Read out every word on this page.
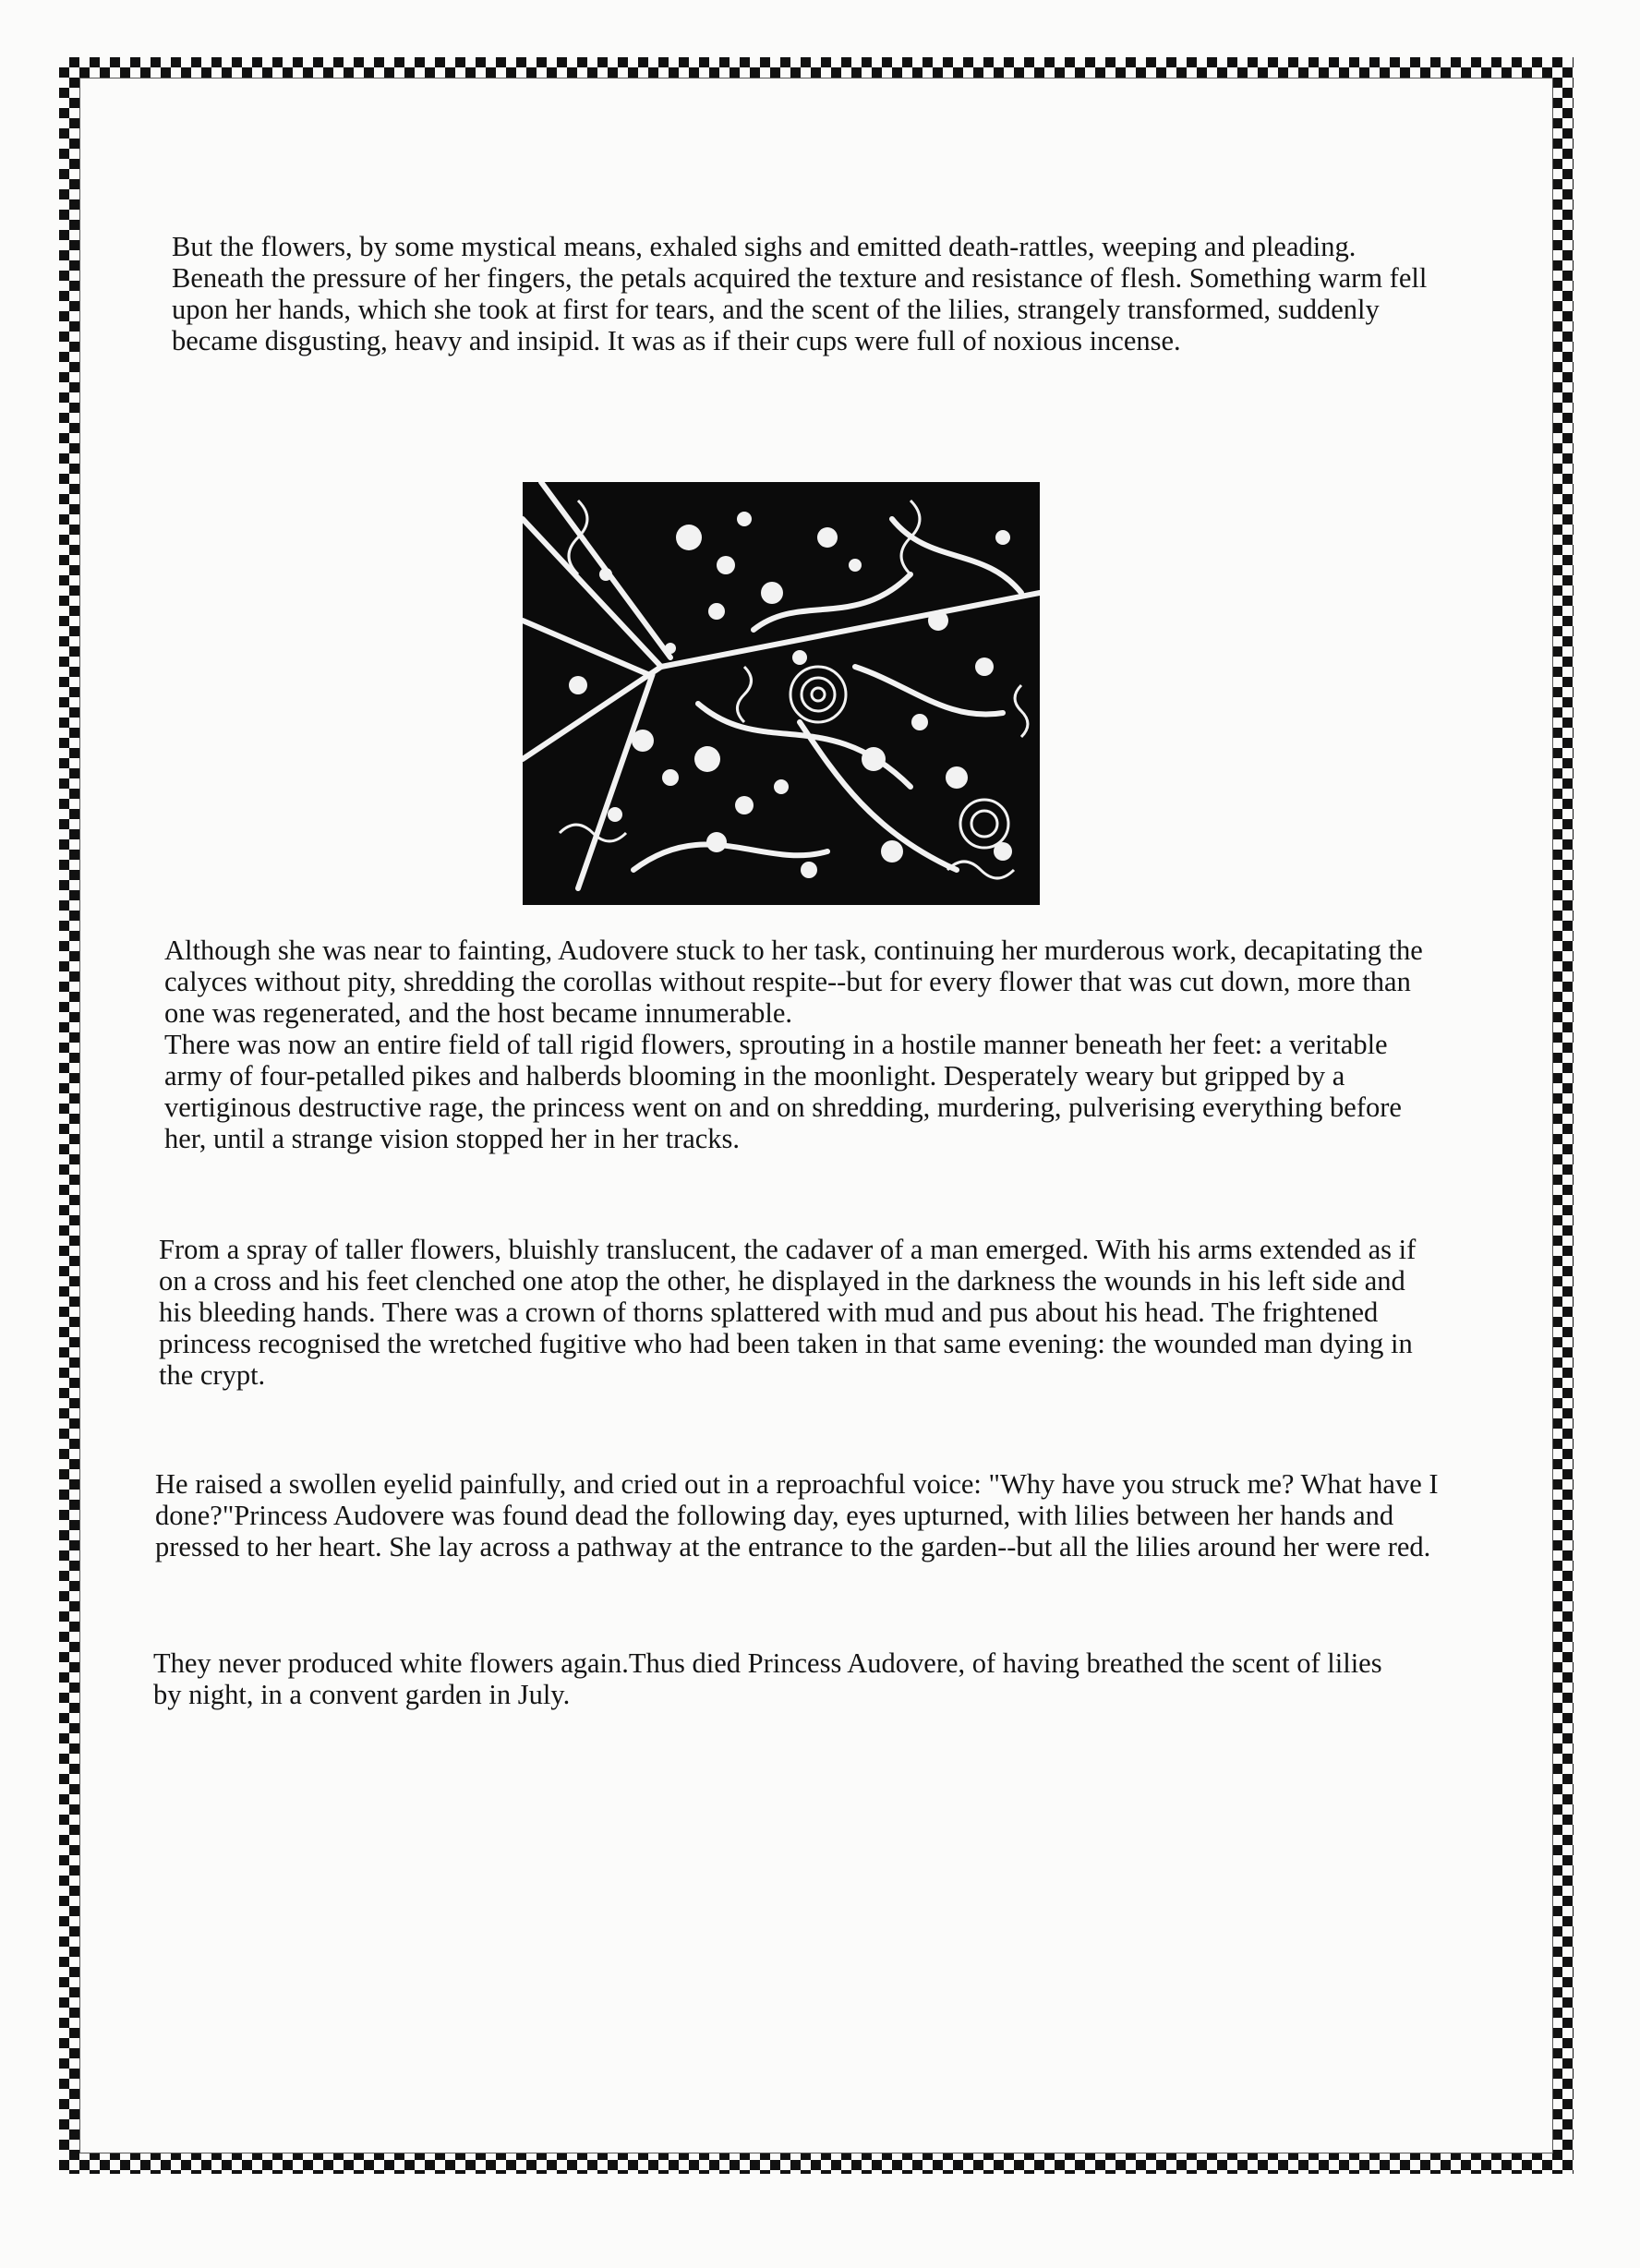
But the flowers, by some mystical means, exhaled sighs and emitted death-rattles, weeping and pleading. Beneath the pressure of her fingers, the petals acquired the texture and resistance of flesh. Something warm fell upon her hands, which she took at first for tears, and the scent of the lilies, strangely transformed, suddenly became disgusting, heavy and insipid. It was as if their cups were full of noxious incense.

Although she was near to fainting, Audovere stuck to her task, continuing her murderous work, decapitating the calyces without pity, shredding the corollas without respite--but for every flower that was cut down, more than one was regenerated, and the host became innumerable.

There was now an entire field of tall rigid flowers, sprouting in a hostile manner beneath her feet: a veritable army of four-petalled pikes and halberds blooming in the moonlight. Desperately weary but gripped by a vertiginous destructive rage, the princess went on and on shredding, murdering, pulverising everything before her, until a strange vision stopped her in her tracks.

From a spray of taller flowers, bluishly translucent, the cadaver of a man emerged. With his arms extended as if on a cross and his feet clenched one atop the other, he displayed in the darkness the wounds in his left side and his bleeding hands. There was a crown of thorns splattered with mud and pus about his head. The frightened princess recognised the wretched fugitive who had been taken in that same evening: the wounded man dying in the crypt.

He raised a swollen eyelid painfully, and cried out in a reproachful voice: "Why have you struck me? What have I done?"Princess Audovere was found dead the following day, eyes upturned, with lilies between her hands and pressed to her heart. She lay across a pathway at the entrance to the garden--but all the lilies around her were red.

They never produced white flowers again.Thus died Princess Audovere, of having breathed the scent of lilies by night, in a convent garden in July.
